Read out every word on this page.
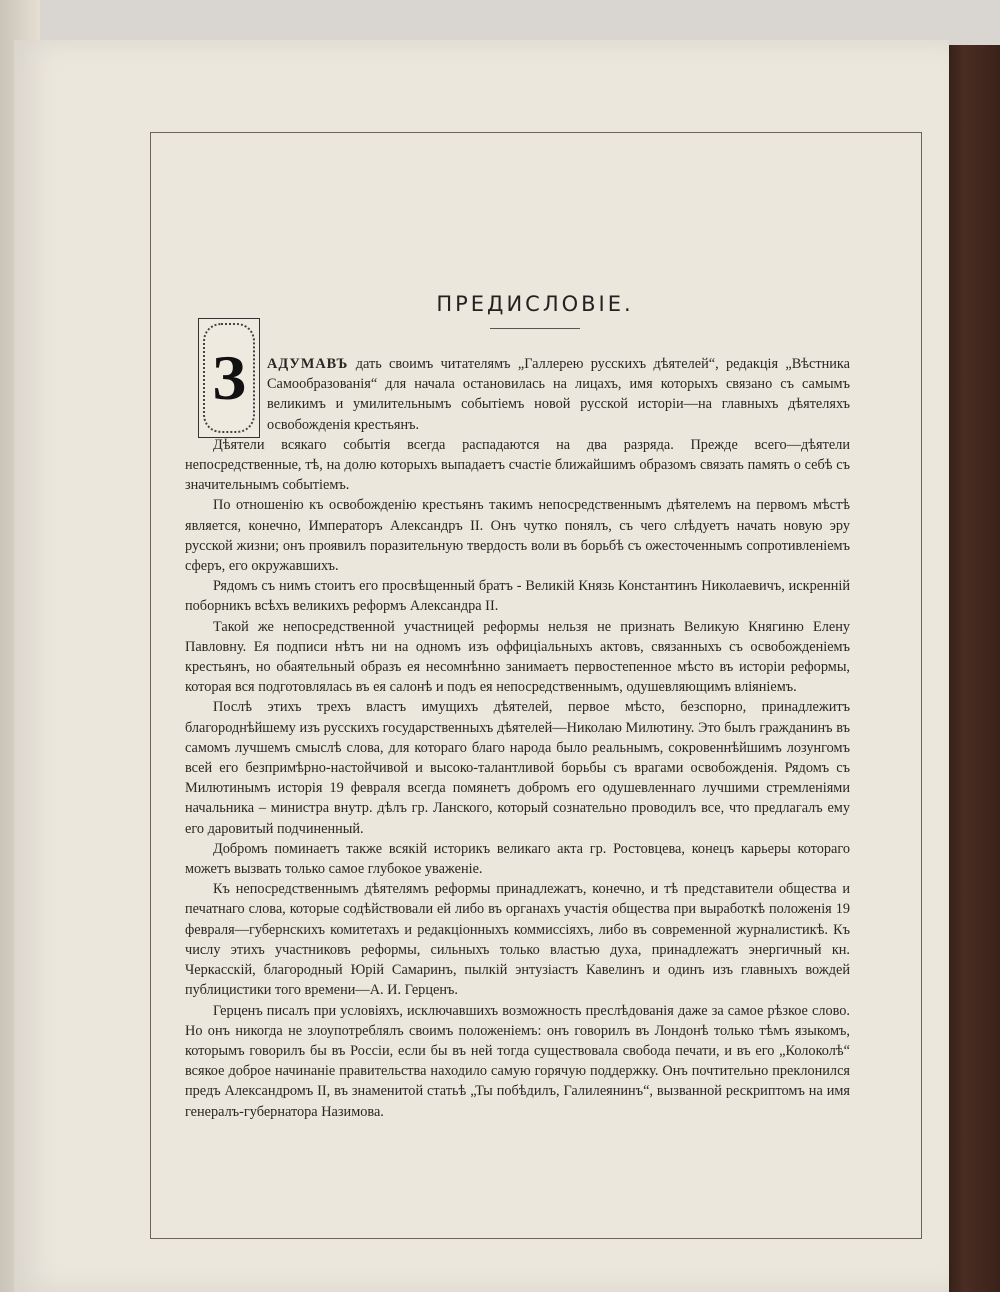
ПРЕДИСЛОВІЕ.
З	АДУМАВЪ дать своимъ читателямъ „Галлерею русскихъ дѣятелей“, редакція „Вѣстника Самообразованія“ для начала остановилась на лицахъ, имя которыхъ связано съ самымъ великимъ и умилительнымъ событіемъ новой русской исторіи—на главныхъ дѣятеляхъ освобожденія крестьянъ.

Дѣятели всякаго событія всегда распадаются на два разряда. Прежде всего—дѣятели непосредственные, тѣ, на долю которыхъ выпадаетъ счастіе ближайшимъ образомъ связать память о себѣ съ значительнымъ событіемъ.

По отношенію къ освобожденію крестьянъ такимъ непосредственнымъ дѣятелемъ на первомъ мѣстѣ является, конечно, Императоръ Александръ II. Онъ чутко понялъ, съ чего слѣдуетъ начать новую эру русской жизни; онъ проявилъ поразительную твердость воли въ борьбѣ съ ожесточеннымъ сопротивленіемъ сферъ, его окружавшихъ.

Рядомъ съ нимъ стоитъ его просвѣщенный братъ - Великій Князь Константинъ Николаевичъ, искренній поборникъ всѣхъ великихъ реформъ Александра II.

Такой же непосредственной участницей реформы нельзя не признать Великую Княгиню Елену Павловну. Ея подписи нѣтъ ни на одномъ изъ оффиціальныхъ актовъ, связанныхъ съ освобожденіемъ крестьянъ, но обаятельный образъ ея несомнѣнно занимаетъ первостепенное мѣсто въ исторіи реформы, которая вся подготовлялась въ ея салонѣ и подъ ея непосредственнымъ, одушевляющимъ вліяніемъ.

Послѣ этихъ трехъ властъ имущихъ дѣятелей, первое мѣсто, безспорно, принадлежитъ благороднѣйшему изъ русскихъ государственныхъ дѣятелей—Николаю Милютину. Это былъ гражданинъ въ самомъ лучшемъ смыслѣ слова, для котораго благо народа было реальнымъ, сокровеннѣйшимъ лозунгомъ всей его безпримѣрно-настойчивой и высоко-талантливой борьбы съ врагами освобожденія. Рядомъ съ Милютинымъ исторія 19 февраля всегда помянетъ добромъ его одушевленнаго лучшими стремленіями начальника – министра внутр. дѣлъ гр. Ланского, который сознательно проводилъ все, что предлагалъ ему его даровитый подчиненный.

Добромъ поминаетъ также всякій историкъ великаго акта гр. Ростовцева, конецъ карьеры котораго можетъ вызвать только самое глубокое уваженіе.

Къ непосредственнымъ дѣятелямъ реформы принадлежатъ, конечно, и тѣ представители общества и печатнаго слова, которые содѣйствовали ей либо въ органахъ участія общества при выработкѣ положенія 19 февраля—губернскихъ комитетахъ и редакціонныхъ коммиссіяхъ, либо въ современной журналистикѣ. Къ числу этихъ участниковъ реформы, сильныхъ только властью духа, принадлежатъ энергичный кн. Черкасскій, благородный Юрій Самаринъ, пылкій энтузіастъ Кавелинъ и одинъ изъ главныхъ вождей публицистики того времени—А. И. Герценъ.

Герценъ писалъ при условіяхъ, исключавшихъ возможность преслѣдованія даже за самое рѣзкое слово. Но онъ никогда не злоупотреблялъ своимъ положеніемъ: онъ говорилъ въ Лондонѣ только тѣмъ языкомъ, которымъ говорилъ бы въ Россіи, если бы въ ней тогда существовала свобода печати, и въ его „Колоколѣ“ всякое доброе начинаніе правительства находило самую горячую поддержку. Онъ почтительно преклонился предъ Александромъ II, въ знаменитой статьѣ „Ты побѣдилъ, Галилеянинъ“, вызванной рескриптомъ на имя генералъ-губернатора Назимова.
